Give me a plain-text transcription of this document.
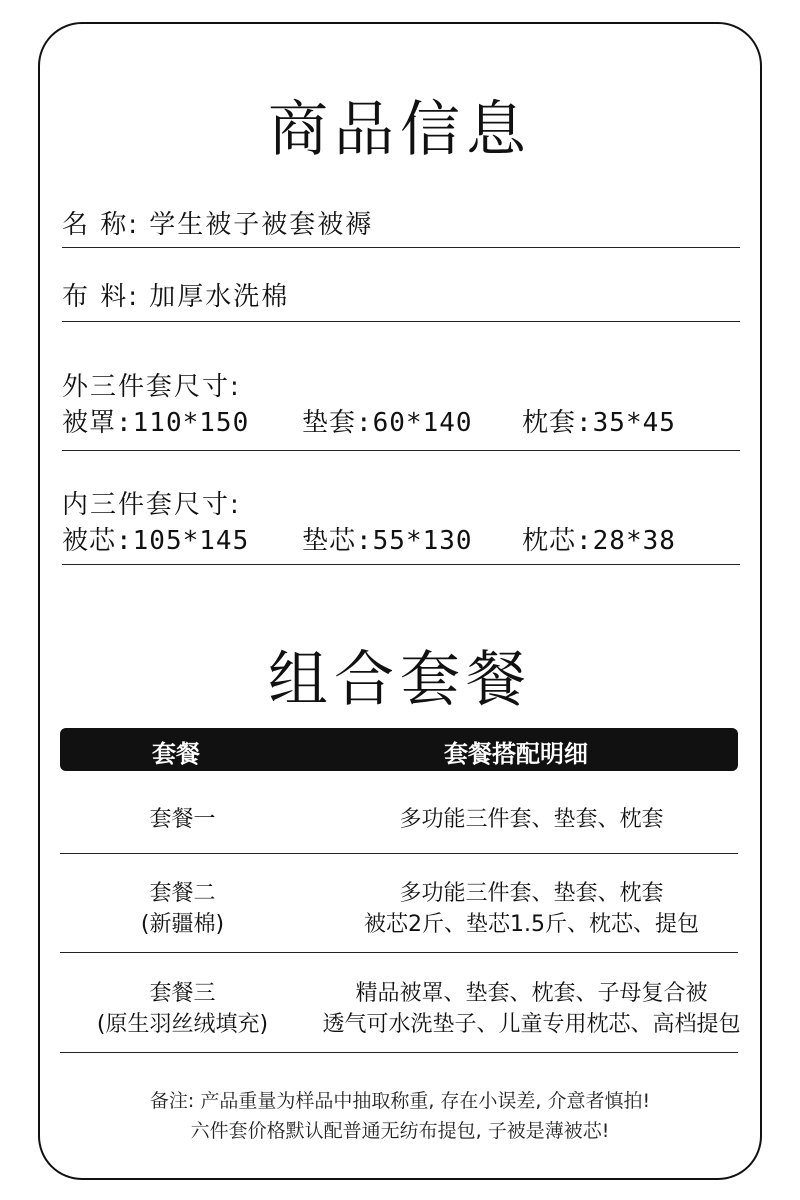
商品信息
名 称: 学生被子被套被褥
布 料: 加厚水洗棉
外三件套尺寸:
被罩:110*150 垫套:60*140 枕套:35*45
内三件套尺寸:
被芯:105*145 垫芯:55*130 枕芯:28*38
组合套餐
套餐	套餐搭配明细
套餐一	多功能三件套、垫套、枕套
套餐二
(新疆棉)
多功能三件套、垫套、枕套
被芯2斤、垫芯1.5斤、枕芯、提包
套餐三
(原生羽丝绒填充)
精品被罩、垫套、枕套、子母复合被
透气可水洗垫子、儿童专用枕芯、高档提包
备注: 产品重量为样品中抽取称重, 存在小误差, 介意者慎拍!
六件套价格默认配普通无纺布提包, 子被是薄被芯!
